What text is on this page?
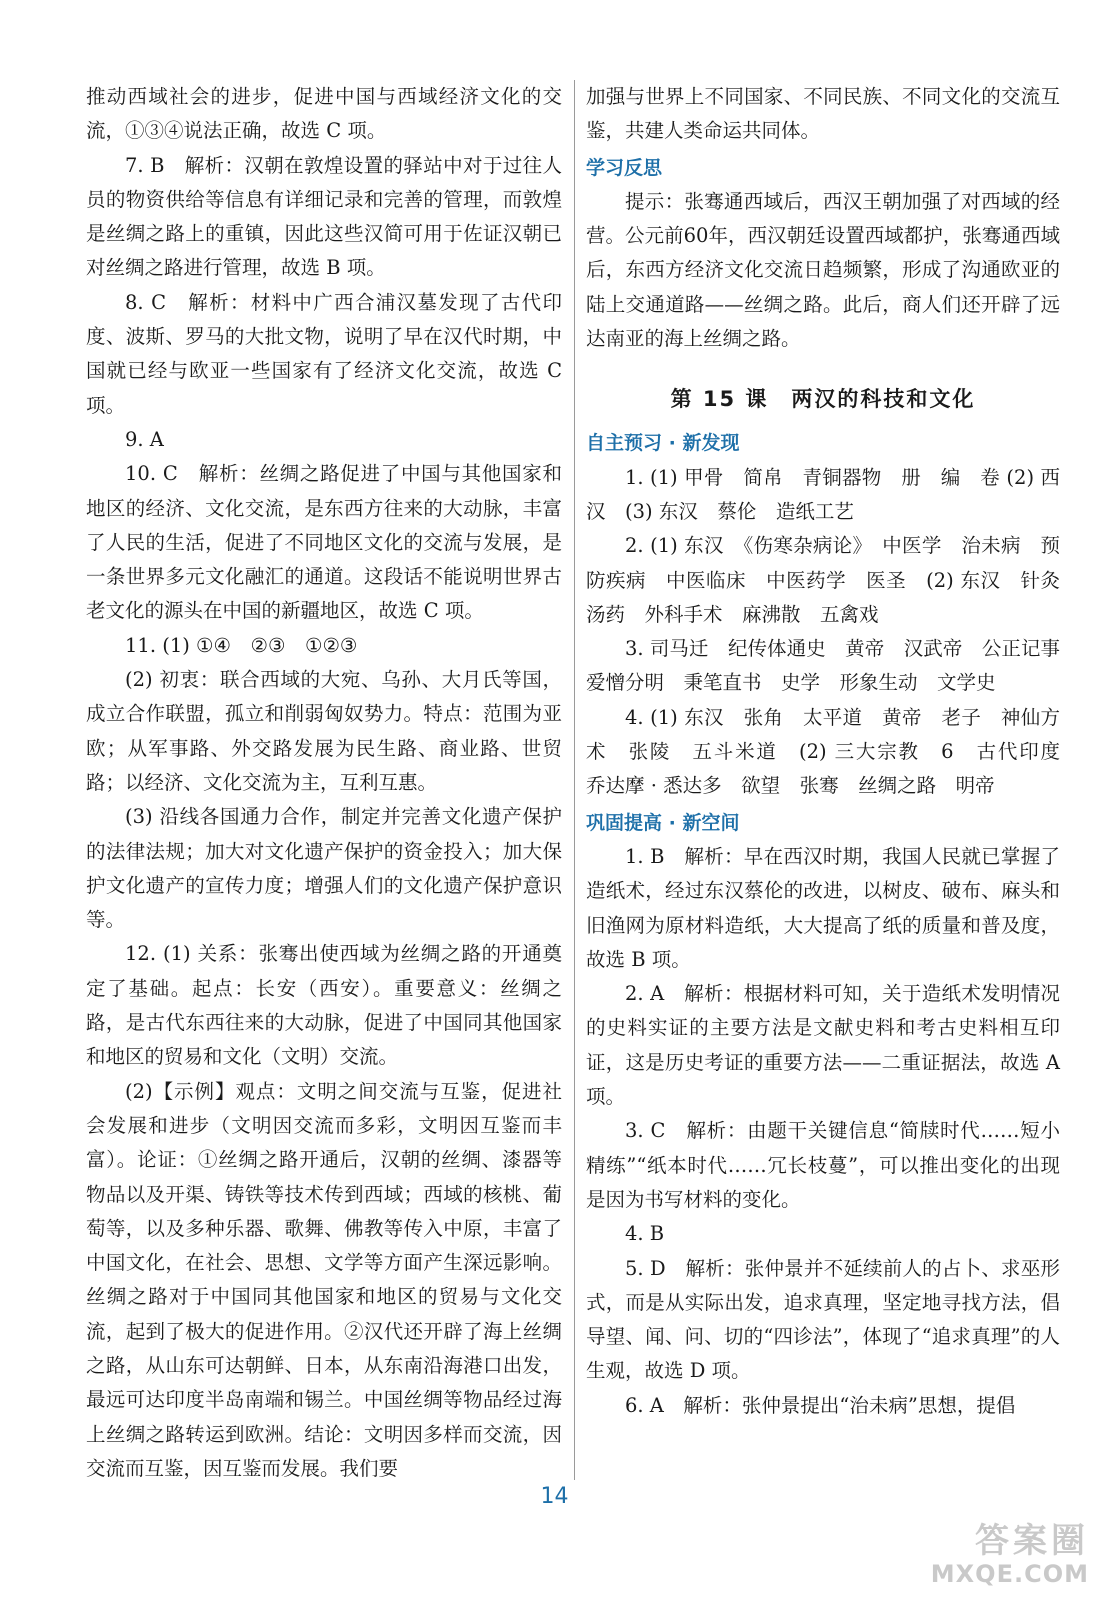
推动西域社会的进步，促进中国与西域经济文化的交流，①③④说法正确，故选 C 项。

7. B　解析：汉朝在敦煌设置的驿站中对于过往人员的物资供给等信息有详细记录和完善的管理，而敦煌是丝绸之路上的重镇，因此这些汉简可用于佐证汉朝已对丝绸之路进行管理，故选 B 项。

8. C　解析：材料中广西合浦汉墓发现了古代印度、波斯、罗马的大批文物，说明了早在汉代时期，中国就已经与欧亚一些国家有了经济文化交流，故选 C 项。

9. A

10. C　解析：丝绸之路促进了中国与其他国家和地区的经济、文化交流，是东西方往来的大动脉，丰富了人民的生活，促进了不同地区文化的交流与发展，是一条世界多元文化融汇的通道。这段话不能说明世界古老文化的源头在中国的新疆地区，故选 C 项。

11. (1) ①④　②③　①②③

(2) 初衷：联合西域的大宛、乌孙、大月氏等国，成立合作联盟，孤立和削弱匈奴势力。特点：范围为亚欧；从军事路、外交路发展为民生路、商业路、世贸路；以经济、文化交流为主，互利互惠。

(3) 沿线各国通力合作，制定并完善文化遗产保护的法律法规；加大对文化遗产保护的资金投入；加大保护文化遗产的宣传力度；增强人们的文化遗产保护意识等。

12. (1) 关系：张骞出使西域为丝绸之路的开通奠定了基础。起点：长安（西安）。重要意义：丝绸之路，是古代东西往来的大动脉，促进了中国同其他国家和地区的贸易和文化（文明）交流。

(2)【示例】观点：文明之间交流与互鉴，促进社会发展和进步（文明因交流而多彩，文明因互鉴而丰富）。论证：①丝绸之路开通后，汉朝的丝绸、漆器等物品以及开渠、铸铁等技术传到西域；西域的核桃、葡萄等，以及多种乐器、歌舞、佛教等传入中原，丰富了中国文化，在社会、思想、文学等方面产生深远影响。丝绸之路对于中国同其他国家和地区的贸易与文化交流，起到了极大的促进作用。②汉代还开辟了海上丝绸之路，从山东可达朝鲜、日本，从东南沿海港口出发，最远可达印度半岛南端和锡兰。中国丝绸等物品经过海上丝绸之路转运到欧洲。结论：文明因多样而交流，因交流而互鉴，因互鉴而发展。我们要

加强与世界上不同国家、不同民族、不同文化的交流互鉴，共建人类命运共同体。

学习反思

提示：张骞通西域后，西汉王朝加强了对西域的经营。公元前60年，西汉朝廷设置西域都护，张骞通西域后，东西方经济文化交流日趋频繁，形成了沟通欧亚的陆上交通道路——丝绸之路。此后，商人们还开辟了远达南亚的海上丝绸之路。

第 15 课　两汉的科技和文化
自主预习 · 新发现

1. (1) 甲骨　简帛　青铜器物　册　编　卷 (2) 西汉　(3) 东汉　蔡伦　造纸工艺

2. (1) 东汉　《伤寒杂病论》　中医学　治未病　预防疾病　中医临床　中医药学　医圣　(2) 东汉　针灸　汤药　外科手术　麻沸散　五禽戏

3. 司马迁　纪传体通史　黄帝　汉武帝　公正记事　爱憎分明　秉笔直书　史学　形象生动　文学史

4. (1) 东汉　张角　太平道　黄帝　老子　神仙方术　张陵　五斗米道　(2) 三大宗教　6　古代印度　乔达摩 · 悉达多　欲望　张骞　丝绸之路　明帝

巩固提高 · 新空间

1. B　解析：早在西汉时期，我国人民就已掌握了造纸术，经过东汉蔡伦的改进，以树皮、破布、麻头和旧渔网为原材料造纸，大大提高了纸的质量和普及度，故选 B 项。

2. A　解析：根据材料可知，关于造纸术发明情况的史料实证的主要方法是文献史料和考古史料相互印证，这是历史考证的重要方法——二重证据法，故选 A 项。

3. C　解析：由题干关键信息“简牍时代……短小精练”“纸本时代……冗长枝蔓”，可以推出变化的出现是因为书写材料的变化。

4. B

5. D　解析：张仲景并不延续前人的占卜、求巫形式，而是从实际出发，追求真理，坚定地寻找方法，倡导望、闻、问、切的“四诊法”，体现了“追求真理”的人生观，故选 D 项。

6. A　解析：张仲景提出“治未病”思想，提倡

14
答案圈
MXQE.COM
